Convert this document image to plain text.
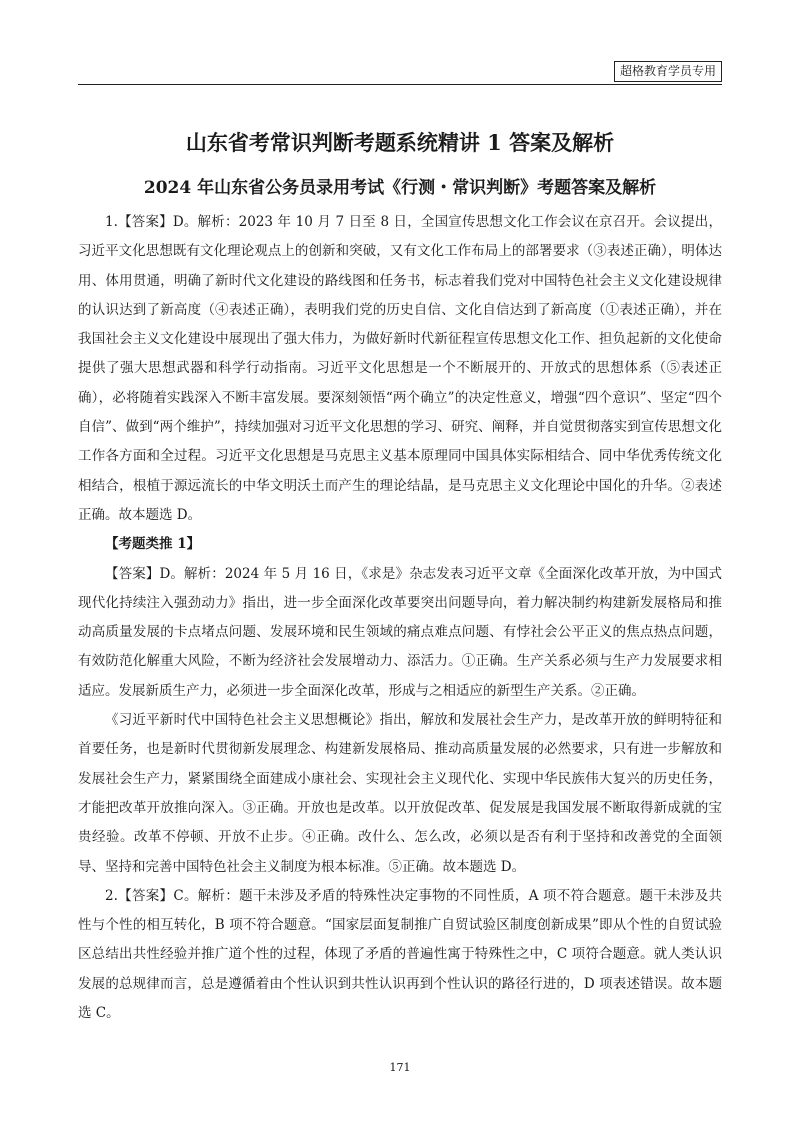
超格教育学员专用
山东省考常识判断考题系统精讲 1 答案及解析
2024 年山东省公务员录用考试《行测・常识判断》考题答案及解析

1.【答案】D。解析：2023 年 10 月 7 日至 8 日，全国宣传思想文化工作会议在京召开。会议提出，习近平文化思想既有文化理论观点上的创新和突破，又有文化工作布局上的部署要求（③表述正确），明体达用、体用贯通，明确了新时代文化建设的路线图和任务书，标志着我们党对中国特色社会主义文化建设规律的认识达到了新高度（④表述正确），表明我们党的历史自信、文化自信达到了新高度（①表述正确），并在我国社会主义文化建设中展现出了强大伟力，为做好新时代新征程宣传思想文化工作、担负起新的文化使命提供了强大思想武器和科学行动指南。习近平文化思想是一个不断展开的、开放式的思想体系（⑤表述正确），必将随着实践深入不断丰富发展。要深刻领悟“两个确立”的决定性意义，增强“四个意识”、坚定“四个自信”、做到“两个维护”，持续加强对习近平文化思想的学习、研究、阐释，并自觉贯彻落实到宣传思想文化工作各方面和全过程。习近平文化思想是马克思主义基本原理同中国具体实际相结合、同中华优秀传统文化相结合，根植于源远流长的中华文明沃土而产生的理论结晶，是马克思主义文化理论中国化的升华。②表述正确。故本题选 D。

【考题类推 1】

【答案】D。解析：2024 年 5 月 16 日，《求是》杂志发表习近平文章《全面深化改革开放，为中国式现代化持续注入强劲动力》指出，进一步全面深化改革要突出问题导向，着力解决制约构建新发展格局和推动高质量发展的卡点堵点问题、发展环境和民生领域的痛点难点问题、有悖社会公平正义的焦点热点问题，有效防范化解重大风险，不断为经济社会发展增动力、添活力。①正确。生产关系必须与生产力发展要求相适应。发展新质生产力，必须进一步全面深化改革，形成与之相适应的新型生产关系。②正确。

《习近平新时代中国特色社会主义思想概论》指出，解放和发展社会生产力，是改革开放的鲜明特征和首要任务，也是新时代贯彻新发展理念、构建新发展格局、推动高质量发展的必然要求，只有进一步解放和发展社会生产力，紧紧围绕全面建成小康社会、实现社会主义现代化、实现中华民族伟大复兴的历史任务，才能把改革开放推向深入。③正确。开放也是改革。以开放促改革、促发展是我国发展不断取得新成就的宝贵经验。改革不停顿、开放不止步。④正确。改什么、怎么改，必须以是否有利于坚持和改善党的全面领导、坚持和完善中国特色社会主义制度为根本标准。⑤正确。故本题选 D。

2.【答案】C。解析：题干未涉及矛盾的特殊性决定事物的不同性质，A 项不符合题意。题干未涉及共性与个性的相互转化，B 项不符合题意。“国家层面复制推广自贸试验区制度创新成果”即从个性的自贸试验区总结出共性经验并推广道个性的过程，体现了矛盾的普遍性寓于特殊性之中，C 项符合题意。就人类认识发展的总规律而言，总是遵循着由个性认识到共性认识再到个性认识的路径行进的，D 项表述错误。故本题选 C。

171
